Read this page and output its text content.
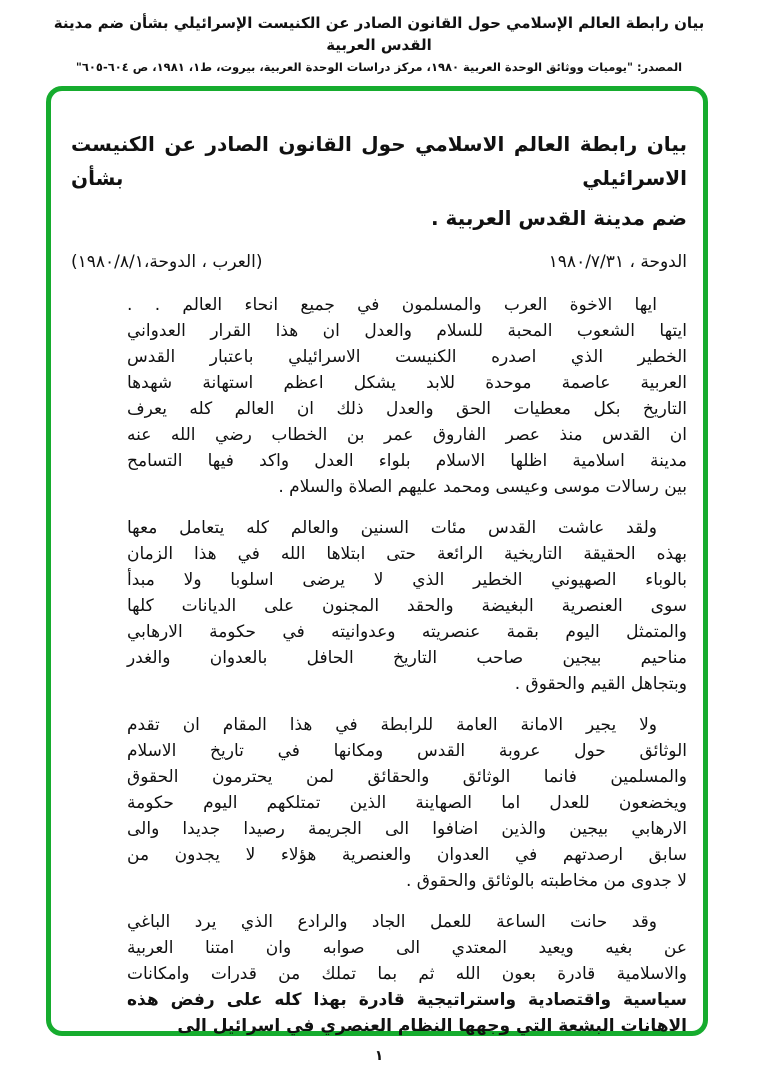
بيان رابطة العالم الإسلامي حول القانون الصادر عن الكنيست الإسرائيلي بشأن ضم مدينة القدس العربية
المصدر: "يوميات ووثائق الوحدة العربية ١٩٨٠، مركز دراسات الوحدة العربية، بيروت، ط١، ١٩٨١، ص ٦٠٤-٦٠٥"
بيان رابطة العالم الاسلامي حول القانون الصادر عن الكنيست الاسرائيلي بشأن
ضم مدينة القدس العربية .
الدوحة ، ١٩٨٠/٧/٣١
(العرب ، الدوحة،١٩٨٠/٨/١)
ايها الاخوة العرب والمسلمون في جميع انحاء العالم . .
ايتها الشعوب المحبة للسلام والعدل ان هذا القرار العدواني
الخطير الذي اصدره الكنيست الاسرائيلي باعتبار القدس
العربية عاصمة موحدة للابد يشكل اعظم استهانة شهدها
التاريخ بكل معطيات الحق والعدل ذلك ان العالم كله يعرف
ان القدس منذ عصر الفاروق عمر بن الخطاب رضي الله عنه
مدينة اسلامية اظلها الاسلام بلواء العدل واكد فيها التسامح
بين رسالات موسى وعيسى ومحمد عليهم الصلاة والسلام .
ولقد عاشت القدس مئات السنين والعالم كله يتعامل معها
بهذه الحقيقة التاريخية الرائعة حتى ابتلاها الله في هذا الزمان
بالوباء الصهيوني الخطير الذي لا يرضى اسلوبا ولا مبدأ
سوى العنصرية البغيضة والحقد المجنون على الديانات كلها
والمتمثل اليوم بقمة عنصريته وعدوانيته في حكومة الارهابي
مناحيم بيجين صاحب التاريخ الحافل بالعدوان والغدر
وبتجاهل القيم والحقوق .
ولا يجير الامانة العامة للرابطة في هذا المقام ان تقدم
الوثائق حول عروبة القدس ومكانها في تاريخ الاسلام
والمسلمين فانما الوثائق والحقائق لمن يحترمون الحقوق
ويخضعون للعدل اما الصهاينة الذين تمتلكهم اليوم حكومة
الارهابي بيجين والذين اضافوا الى الجريمة رصيدا جديدا والى
سابق ارصدتهم في العدوان والعنصرية هؤلاء لا يجدون من
لا جدوى من مخاطبته بالوثائق والحقوق .
وقد حانت الساعة للعمل الجاد والرادع الذي يرد الباغي
عن بغيه ويعيد المعتدي الى صوابه وان امتنا العربية
والاسلامية قادرة بعون الله ثم بما تملك من قدرات وامكانات
سياسية واقتصادية واستراتيجية قادرة بهذا كله على رفض هذه
الاهانات البشعة التي وجهها النظام العنصري في اسرائيل الى
١
